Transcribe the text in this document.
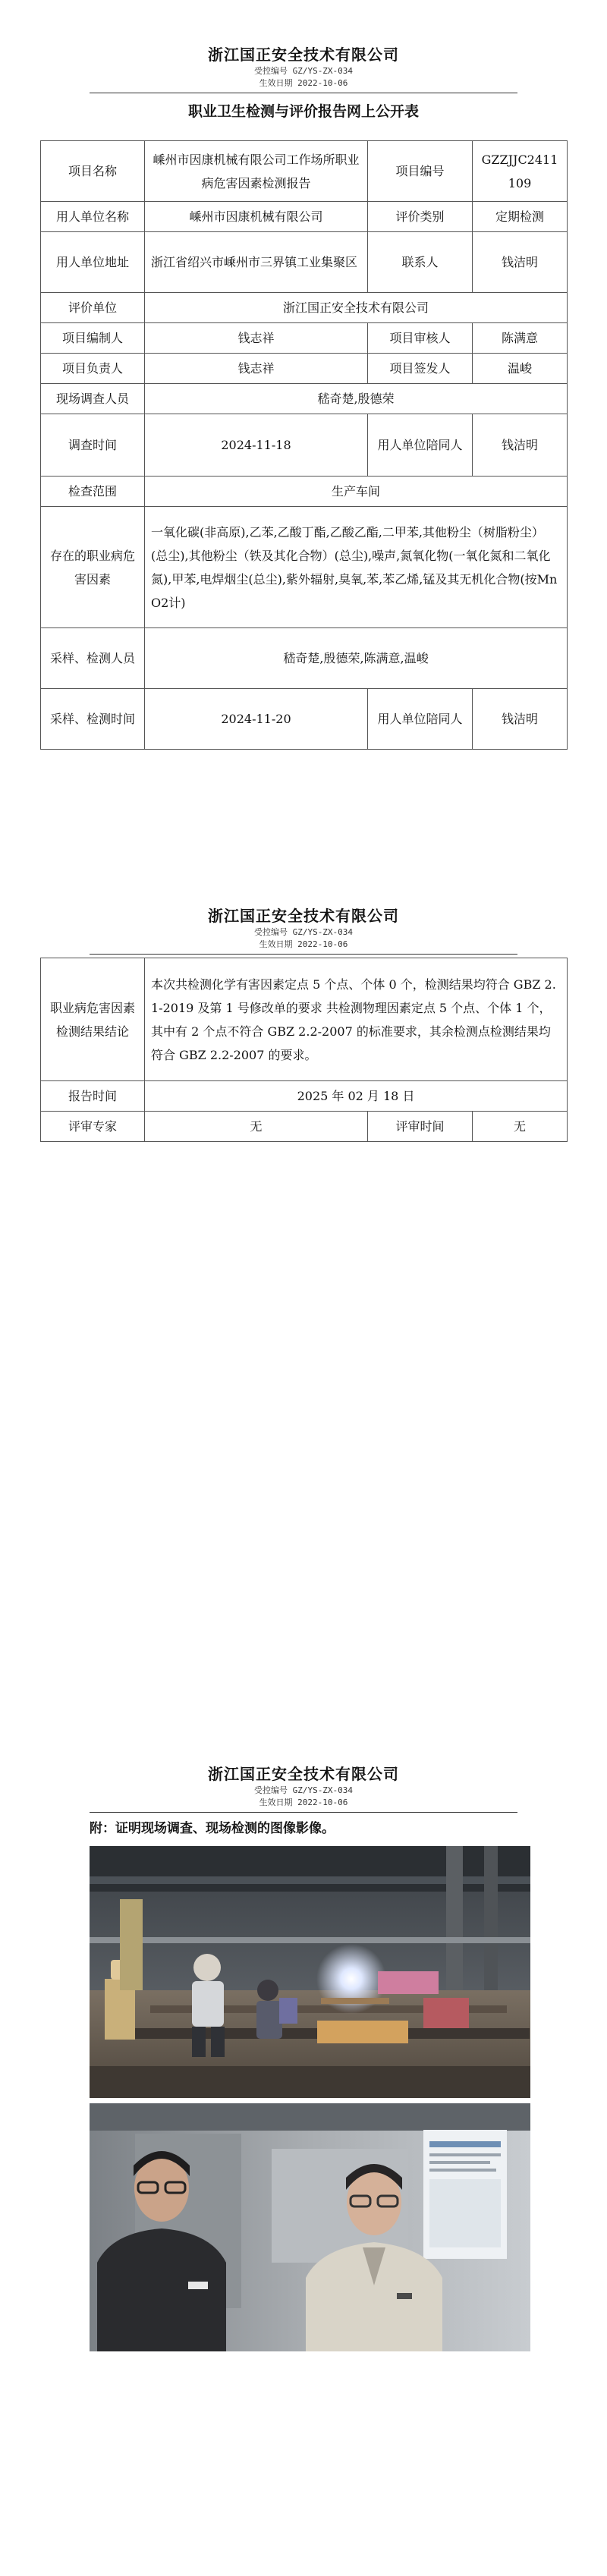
浙江国正安全技术有限公司
受控编号 GZ/YS-ZX-034
生效日期 2022-10-06
职业卫生检测与评价报告网上公开表
项目名称	嵊州市因康机械有限公司工作场所职业病危害因素检测报告	项目编号	GZZJJC2411109
用人单位名称	嵊州市因康机械有限公司	评价类别	定期检测
用人单位地址	浙江省绍兴市嵊州市三界镇工业集聚区	联系人	钱洁明
评价单位	浙江国正安全技术有限公司		
项目编制人	钱志祥	项目审核人	陈满意
项目负责人	钱志祥	项目签发人	温峻
现场调查人员	嵇奇楚,殷德荣		
调查时间	2024-11-18	用人单位陪同人	钱洁明
检查范围	生产车间		
存在的职业病危害因素	一氧化碳(非高原),乙苯,乙酸丁酯,乙酸乙酯,二甲苯,其他粉尘（树脂粉尘）(总尘),其他粉尘（铁及其化合物）(总尘),噪声,氮氧化物(一氧化氮和二氧化氮),甲苯,电焊烟尘(总尘),紫外辐射,臭氧,苯,苯乙烯,锰及其无机化合物(按MnO2计)		
采样、检测人员	嵇奇楚,殷德荣,陈满意,温峻		
采样、检测时间	2024-11-20	用人单位陪同人	钱洁明
浙江国正安全技术有限公司
受控编号 GZ/YS-ZX-034
生效日期 2022-10-06
职业病危害因素检测结果结论	本次共检测化学有害因素定点 5 个点、个体 0 个，检测结果均符合 GBZ 2.1-2019 及第 1 号修改单的要求 共检测物理因素定点 5 个点、个体 1 个，其中有 2 个点不符合 GBZ 2.2-2007 的标准要求，其余检测点检测结果均符合 GBZ 2.2-2007 的要求。		
报告时间	2025 年 02 月 18 日		
评审专家	无	评审时间	无
浙江国正安全技术有限公司
受控编号 GZ/YS-ZX-034
生效日期 2022-10-06
附：证明现场调查、现场检测的图像影像。
